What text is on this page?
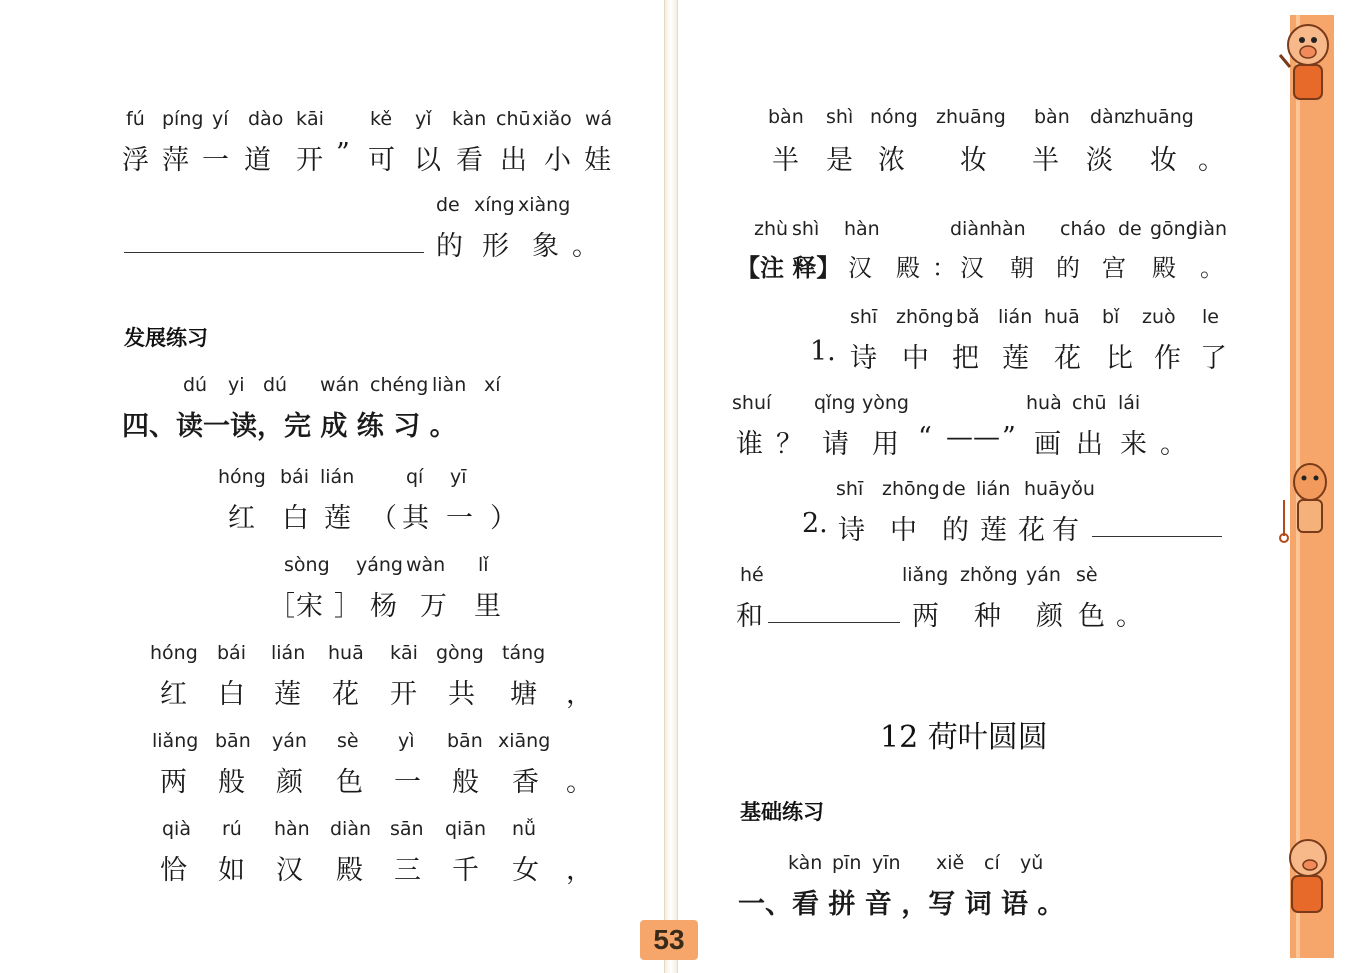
fú píng yí dào kāi kě yǐ kàn chū xiǎo wá
浮 萍 一 道 开 ” 可 以 看 出 小 娃
de xíng xiàng
的 形 象 。
发展练习
dú yi dú wán chéng liàn xí
四、读一读，完 成 练 习 。
hóng bái lián	qí yī
红 白 莲 （ 其 一 ）
sòng yáng wàn lǐ
［ 宋 ］ 杨 万 里
hóng bái lián huā kāi gòng táng
红 白 莲 花 开 共 塘 ，
liǎng bān yán sè yì bān xiāng
两 般 颜 色 一 般 香 。
qià rú hàn diàn sān qiān nǚ
恰 如 汉 殿 三 千 女 ，
bàn shì nóng zhuāng bàn dàn
zhuāng
半 是 浓 妆 半 淡 妆 。
zhù shì hàn	diàn
hàn cháo de gōng
diàn
【注 释】 汉 殿 ： 汉 朝 的 宫 殿 。
shī zhōng bǎ lián huā bǐ zuò le
1. 诗 中 把 莲 花 比 作 了
shuí qǐng yòng	huà chū lái
谁 ？ 请 用 “ —— ” 画 出 来 。
shī zhōng de lián huā yǒu
2. 诗 中 的 莲 花 有
hé	liǎng zhǒng yán sè
和	两 种 颜 色 。
12 荷叶圆圆
基础练习
kàn pīn yīn xiě cí yǔ
一、看 拼 音 ，写 词 语 。
53
